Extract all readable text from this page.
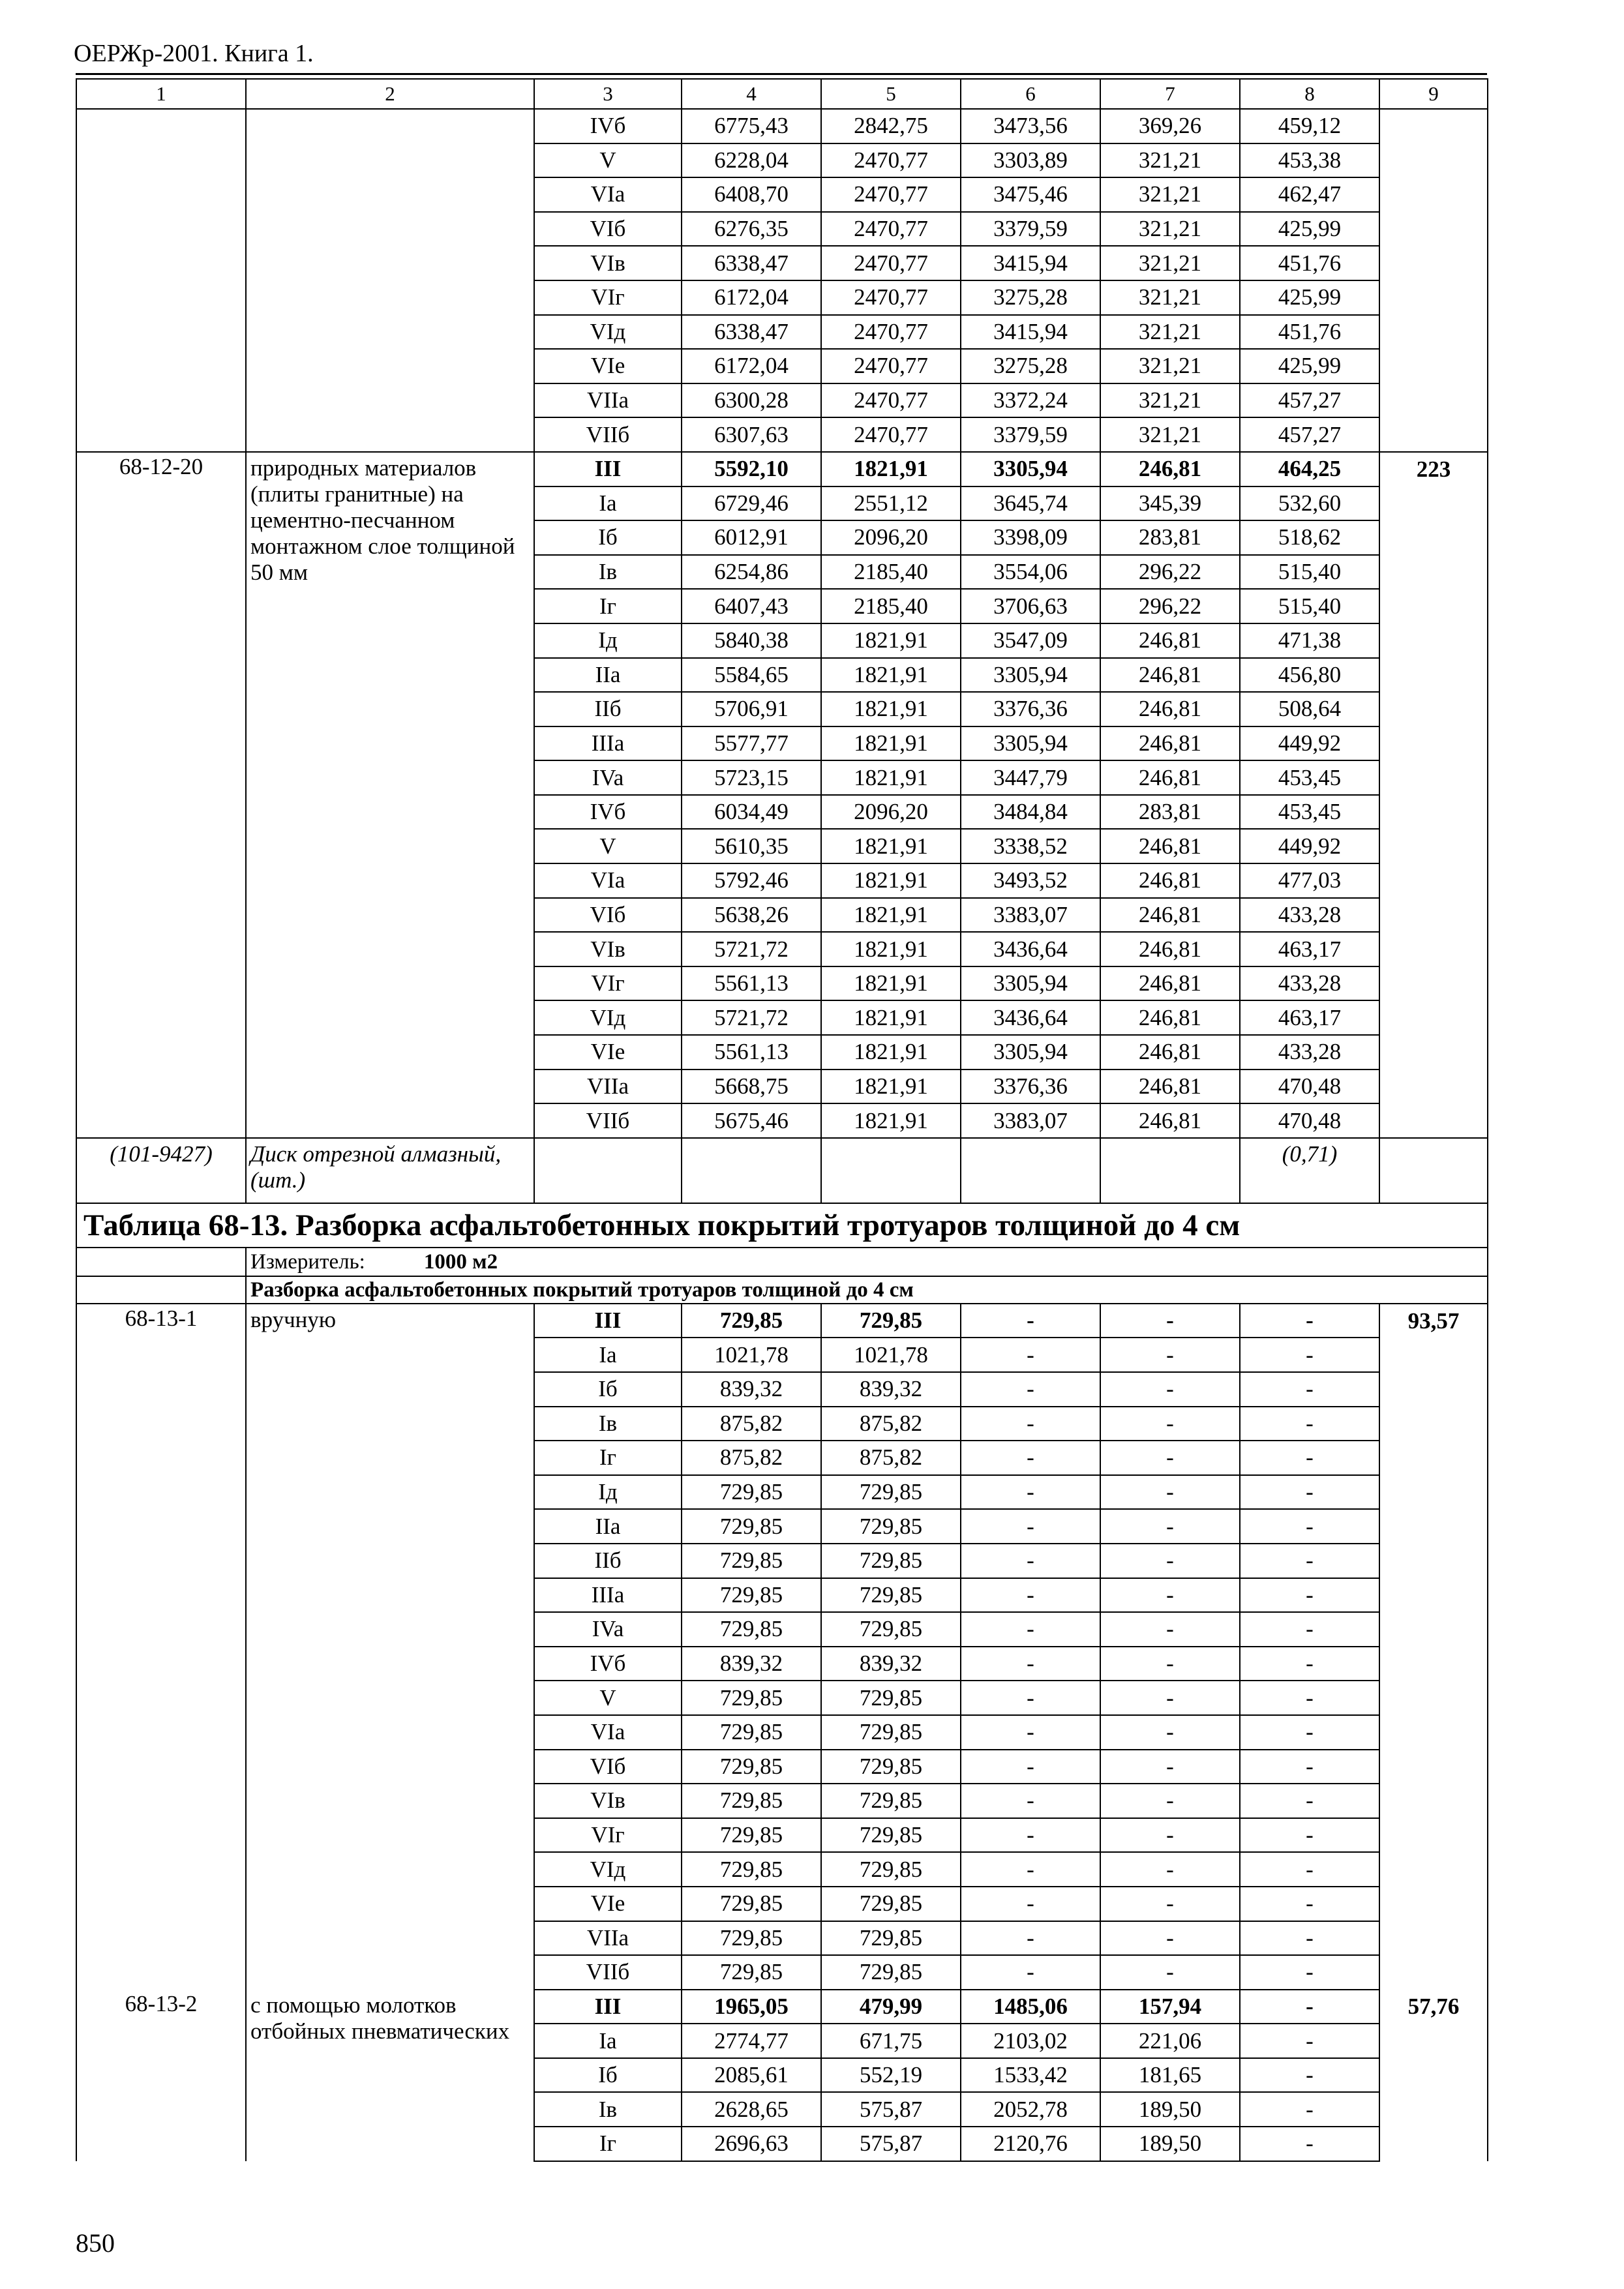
ОЕРЖр-2001. Книга 1.
1	2	3	4	5	6	7	8	9
		IVб	6775,43	2842,75	3473,56	369,26	459,12	
		V	6228,04	2470,77	3303,89	321,21	453,38	
		VIa	6408,70	2470,77	3475,46	321,21	462,47	
		VIб	6276,35	2470,77	3379,59	321,21	425,99	
		VIв	6338,47	2470,77	3415,94	321,21	451,76	
		VIг	6172,04	2470,77	3275,28	321,21	425,99	
		VIд	6338,47	2470,77	3415,94	321,21	451,76	
		VIe	6172,04	2470,77	3275,28	321,21	425,99	
		VIIa	6300,28	2470,77	3372,24	321,21	457,27	
		VIIб	6307,63	2470,77	3379,59	321,21	457,27	
68-12-20	природных материалов (плиты гранитные) на цементно-песчанном монтажном слое толщиной 50 мм	III	5592,10	1821,91	3305,94	246,81	464,25	223
		Ia	6729,46	2551,12	3645,74	345,39	532,60	
		Iб	6012,91	2096,20	3398,09	283,81	518,62	
		Iв	6254,86	2185,40	3554,06	296,22	515,40	
		Iг	6407,43	2185,40	3706,63	296,22	515,40	
		Iд	5840,38	1821,91	3547,09	246,81	471,38	
		IIa	5584,65	1821,91	3305,94	246,81	456,80	
		IIб	5706,91	1821,91	3376,36	246,81	508,64	
		IIIa	5577,77	1821,91	3305,94	246,81	449,92	
		IVa	5723,15	1821,91	3447,79	246,81	453,45	
		IVб	6034,49	2096,20	3484,84	283,81	453,45	
		V	5610,35	1821,91	3338,52	246,81	449,92	
		VIa	5792,46	1821,91	3493,52	246,81	477,03	
		VIб	5638,26	1821,91	3383,07	246,81	433,28	
		VIв	5721,72	1821,91	3436,64	246,81	463,17	
		VIг	5561,13	1821,91	3305,94	246,81	433,28	
		VIд	5721,72	1821,91	3436,64	246,81	463,17	
		VIe	5561,13	1821,91	3305,94	246,81	433,28	
		VIIa	5668,75	1821,91	3376,36	246,81	470,48	
		VIIб	5675,46	1821,91	3383,07	246,81	470,48	
(101-9427)	Диск отрезной алмазный, (шт.)						(0,71)	
Таблица 68-13. Разборка асфальтобетонных покрытий тротуаров толщиной до 4 см								
	Измеритель: 1000 м2							
	Разборка асфальтобетонных покрытий тротуаров толщиной до 4 см							
68-13-1	вручную	III	729,85	729,85	-	-	-	93,57
		Ia	1021,78	1021,78	-	-	-	
		Iб	839,32	839,32	-	-	-	
		Iв	875,82	875,82	-	-	-	
		Iг	875,82	875,82	-	-	-	
		Iд	729,85	729,85	-	-	-	
		IIa	729,85	729,85	-	-	-	
		IIб	729,85	729,85	-	-	-	
		IIIa	729,85	729,85	-	-	-	
		IVa	729,85	729,85	-	-	-	
		IVб	839,32	839,32	-	-	-	
		V	729,85	729,85	-	-	-	
		VIa	729,85	729,85	-	-	-	
		VIб	729,85	729,85	-	-	-	
		VIв	729,85	729,85	-	-	-	
		VIг	729,85	729,85	-	-	-	
		VIд	729,85	729,85	-	-	-	
		VIe	729,85	729,85	-	-	-	
		VIIa	729,85	729,85	-	-	-	
		VIIб	729,85	729,85	-	-	-	
68-13-2	с помощью молотков отбойных пневматических	III	1965,05	479,99	1485,06	157,94	-	57,76
		Ia	2774,77	671,75	2103,02	221,06	-	
		Iб	2085,61	552,19	1533,42	181,65	-	
		Iв	2628,65	575,87	2052,78	189,50	-	
		Iг	2696,63	575,87	2120,76	189,50	-	
850
